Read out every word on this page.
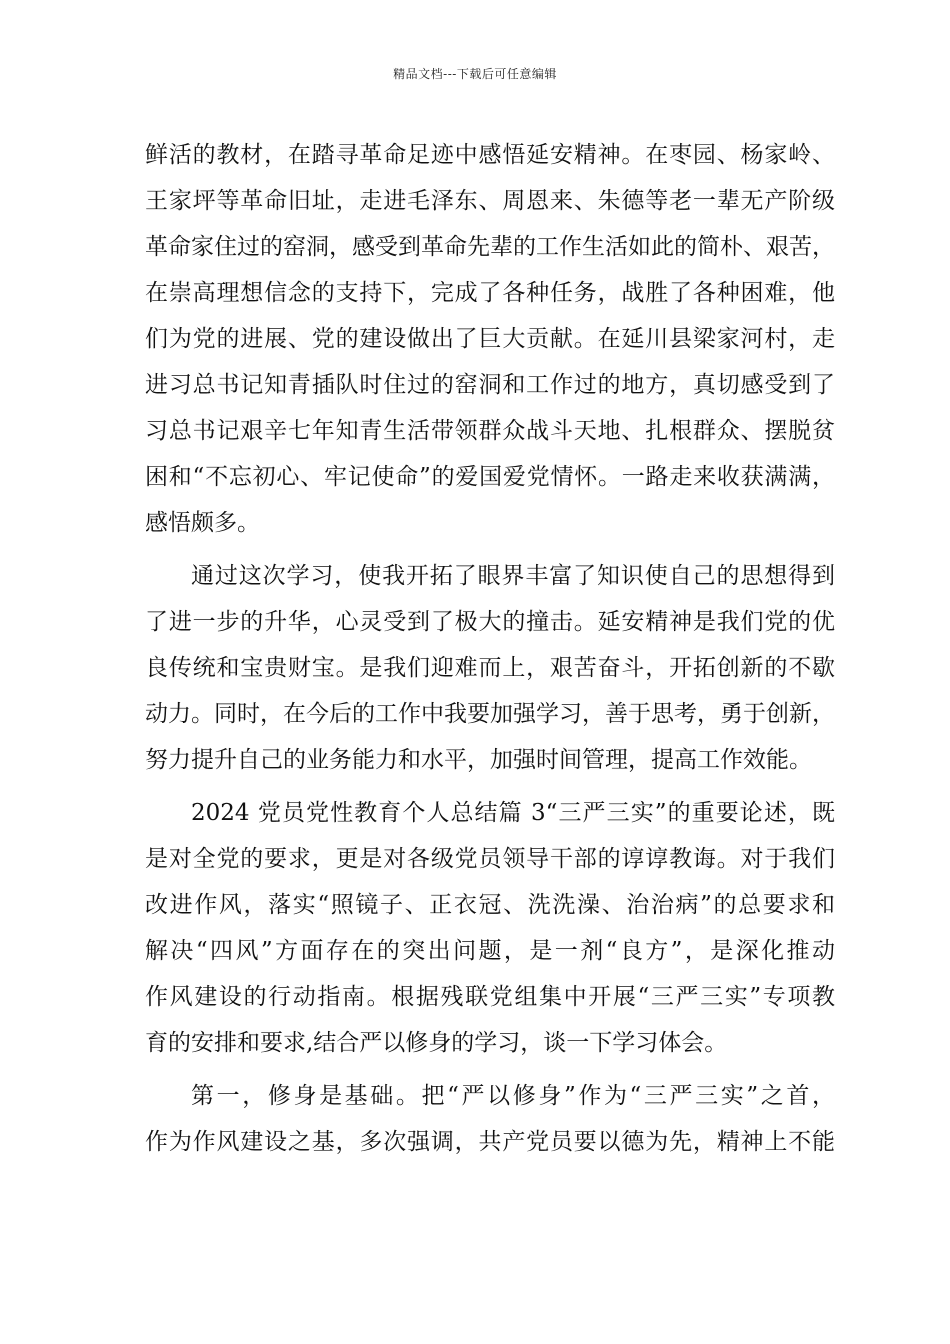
精品文档---下载后可任意编辑
鲜活的教材，在踏寻革命足迹中感悟延安精神。在枣园、杨家岭、
王家坪等革命旧址，走进毛泽东、周恩来、朱德等老一辈无产阶级
革命家住过的窑洞，感受到革命先辈的工作生活如此的简朴、艰苦，
在崇高理想信念的支持下，完成了各种任务，战胜了各种困难，他
们为党的进展、党的建设做出了巨大贡献。在延川县梁家河村，走
进习总书记知青插队时住过的窑洞和工作过的地方，真切感受到了
习总书记艰辛七年知青生活带领群众战斗天地、扎根群众、摆脱贫
困和“不忘初心、牢记使命”的爱国爱党情怀。一路走来收获满满，
感悟颇多。
通过这次学习，使我开拓了眼界丰富了知识使自己的思想得到
了进一步的升华，心灵受到了极大的撞击。延安精神是我们党的优
良传统和宝贵财宝。是我们迎难而上，艰苦奋斗，开拓创新的不歇
动力。同时，在今后的工作中我要加强学习，善于思考，勇于创新，
努力提升自己的业务能力和水平，加强时间管理，提高工作效能。
2024 党员党性教育个人总结篇 3“三严三实”的重要论述，既
是对全党的要求，更是对各级党员领导干部的谆谆教诲。对于我们
改进作风，落实“照镜子、正衣冠、洗洗澡、治治病”的总要求和
解决“四风”方面存在的突出问题，是一剂“良方”，是深化推动
作风建设的行动指南。根据残联党组集中开展“三严三实”专项教
育的安排和要求,结合严以修身的学习，谈一下学习体会。
第一，修身是基础。把“严以修身”作为“三严三实”之首，
作为作风建设之基，多次强调，共产党员要以德为先，精神上不能
